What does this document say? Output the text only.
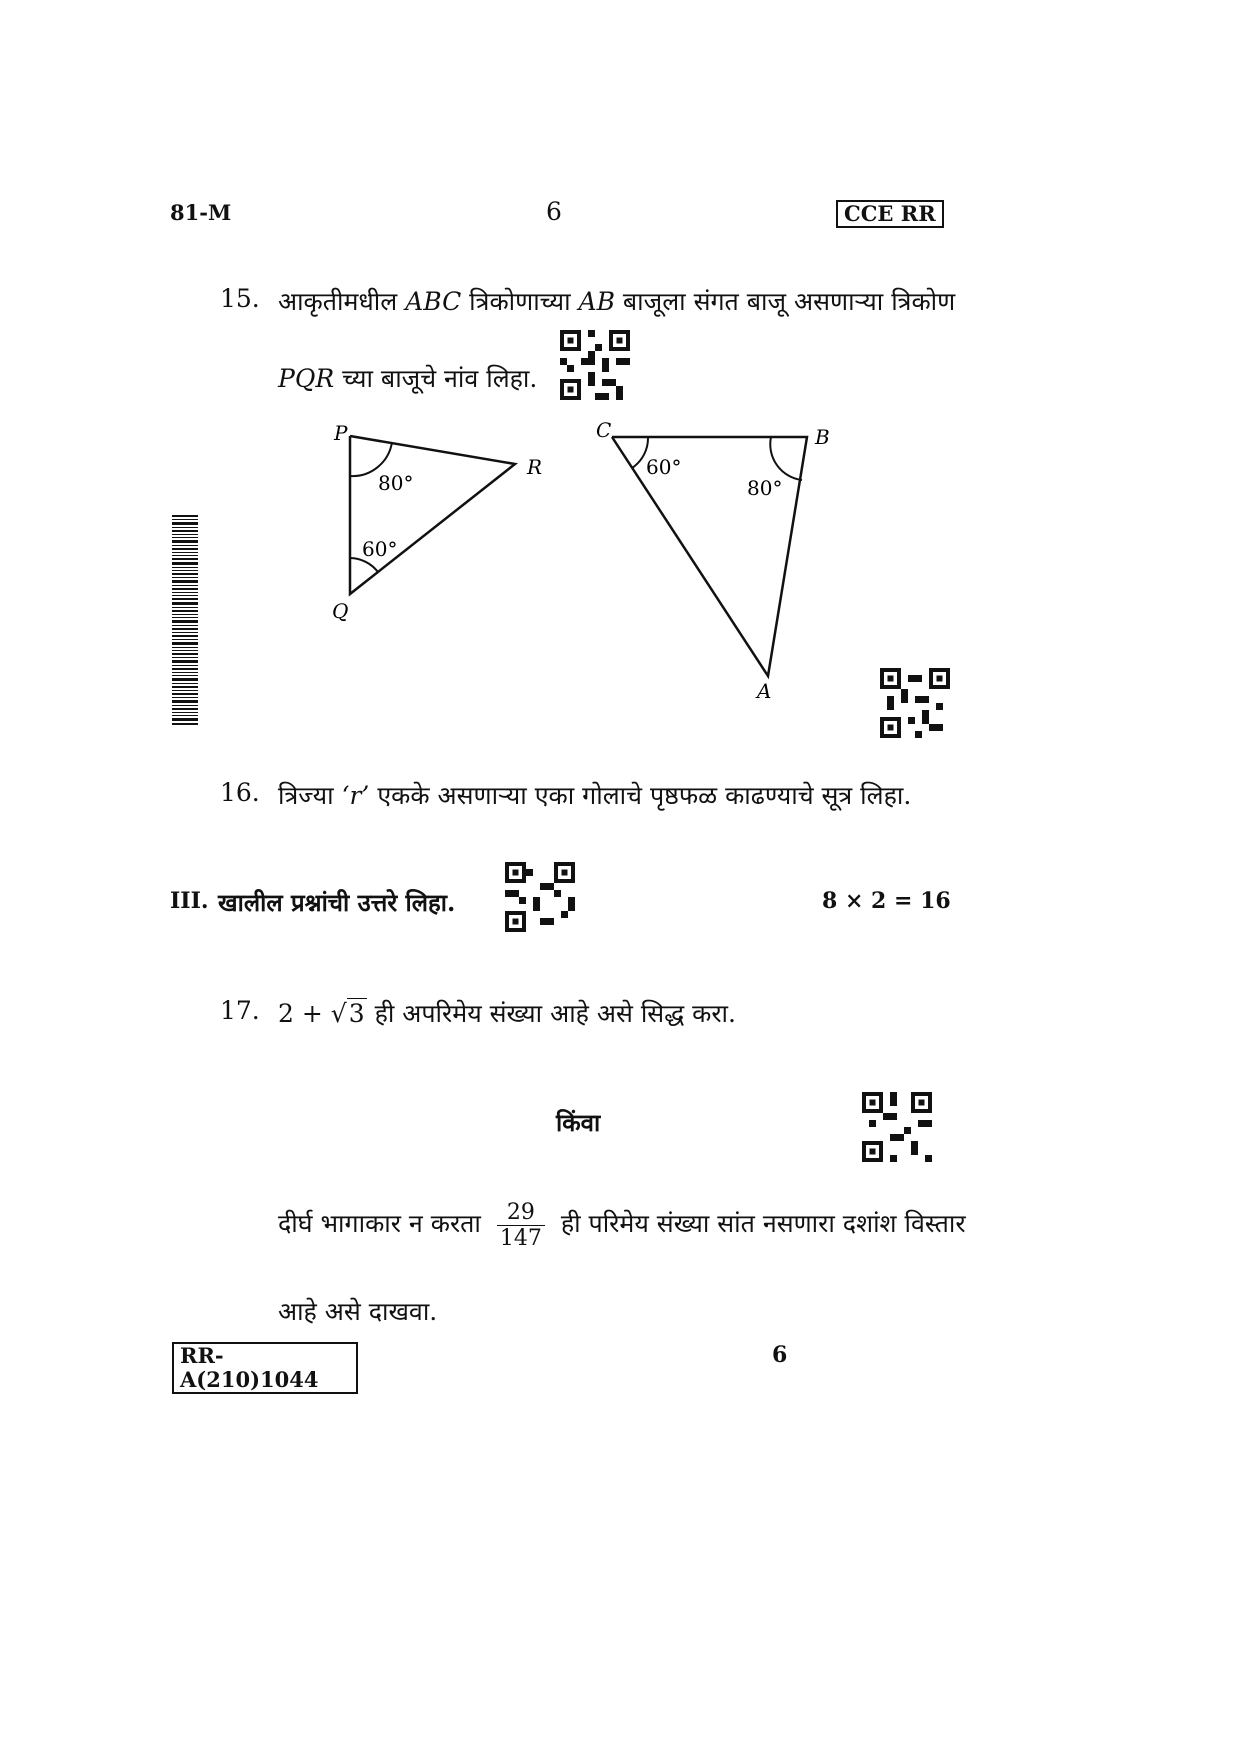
81-M	6	CCE RR
15. आकृतीमधील ABC त्रिकोणाच्या AB बाजूला संगत बाजू असणाऱ्या त्रिकोण
PQR च्या बाजूचे नांव लिहा.
P
Q
R
80°
60°
C	B
A
60°
80°
16. त्रिज्या ‘r’ एकके असणाऱ्या एका गोलाचे पृष्ठफळ काढण्याचे सूत्र लिहा.
III. खालील प्रश्नांची उत्तरे लिहा.	8 × 2 = 16
17. 2 + √3 ही अपरिमेय संख्या आहे असे सिद्ध करा.
किंवा
दीर्घ भागाकार न करता $\frac{29}{147}$ ही परिमेय संख्या सांत नसणारा दशांश विस्तार
आहे असे दाखवा.
RR-A(210)1044
6
